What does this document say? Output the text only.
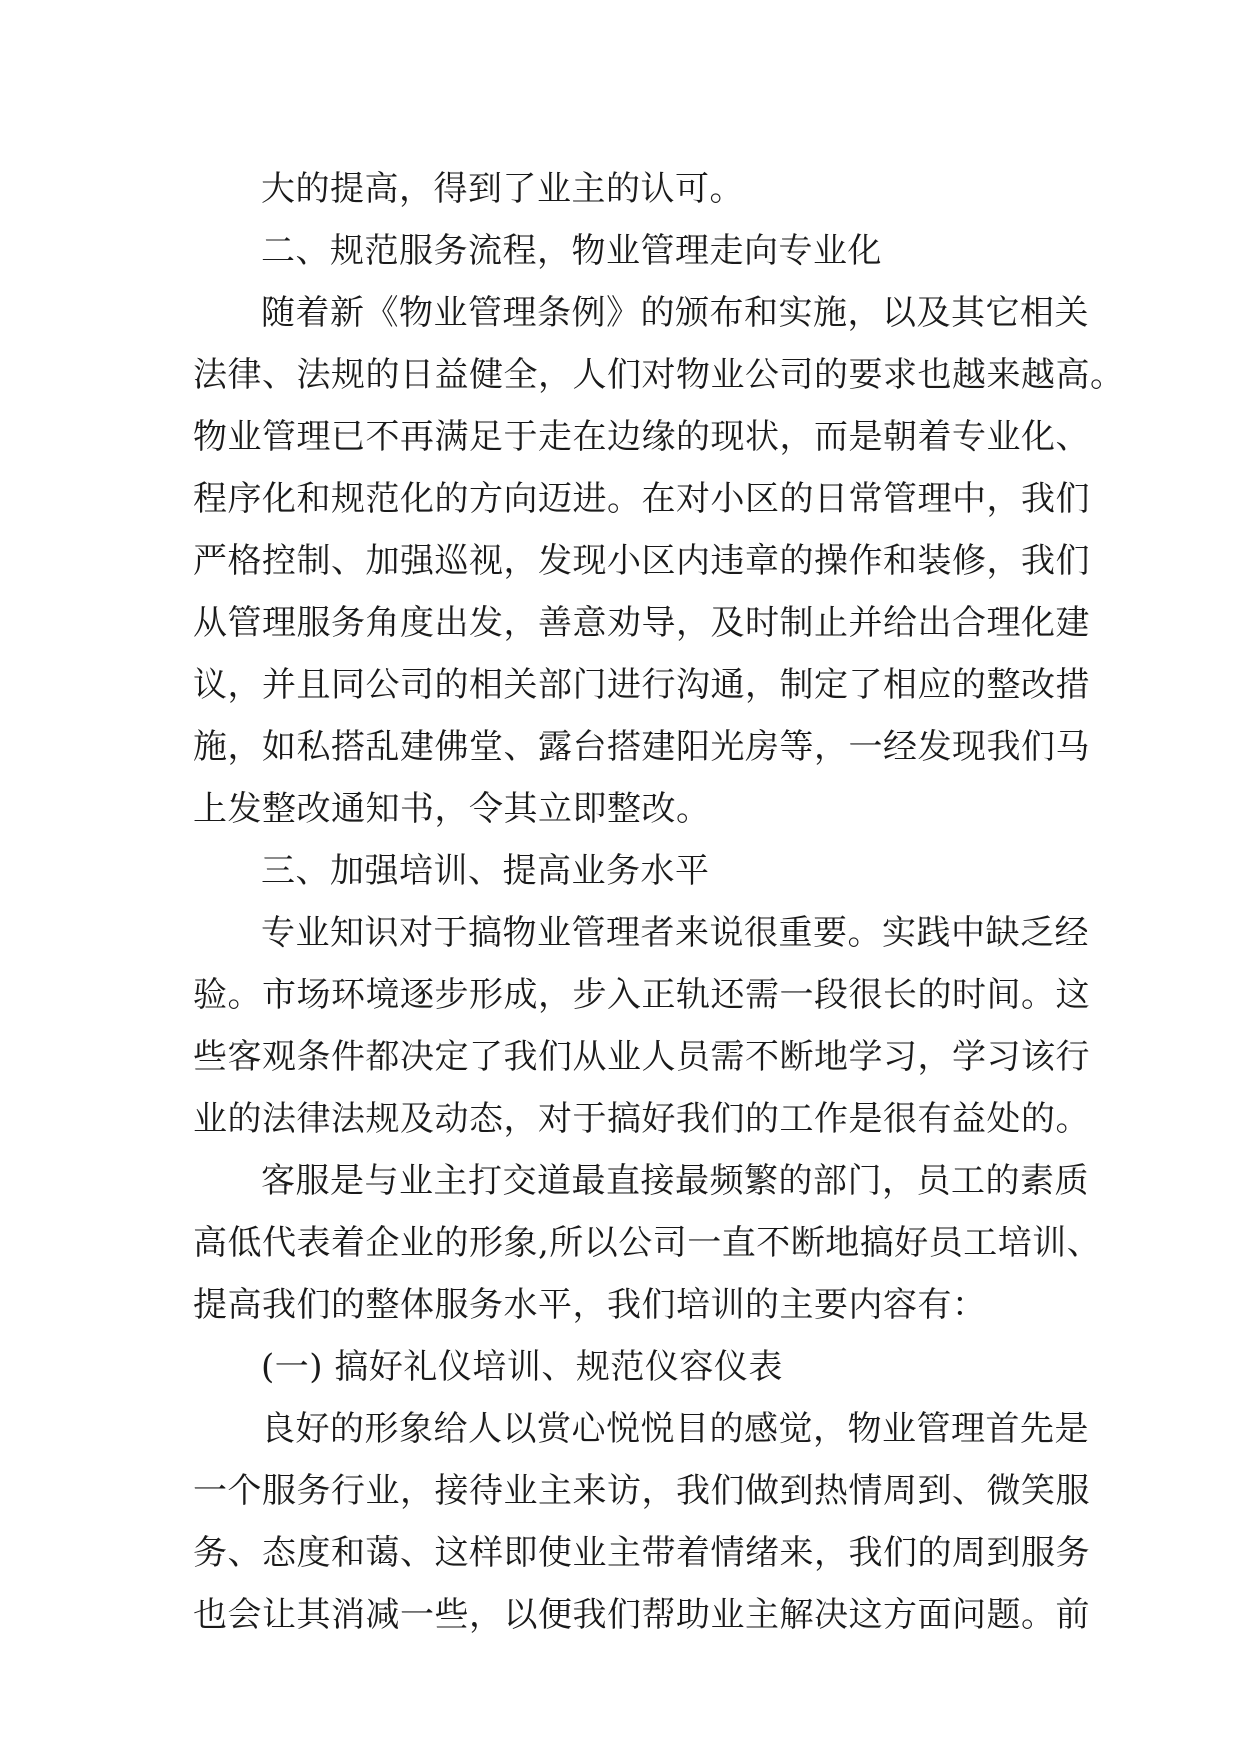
大的提高，得到了业主的认可。
二、规范服务流程，物业管理走向专业化
随着新《物业管理条例》的颁布和实施，以及其它相关
法律、法规的日益健全，人们对物业公司的要求也越来越高。
物业管理已不再满足于走在边缘的现状，而是朝着专业化、
程序化和规范化的方向迈进。在对小区的日常管理中，我们
严格控制、加强巡视，发现小区内违章的操作和装修，我们
从管理服务角度出发，善意劝导，及时制止并给出合理化建
议，并且同公司的相关部门进行沟通，制定了相应的整改措
施，如私搭乱建佛堂、露台搭建阳光房等，一经发现我们马
上发整改通知书，令其立即整改。
三、加强培训、提高业务水平
专业知识对于搞物业管理者来说很重要。实践中缺乏经
验。市场环境逐步形成，步入正轨还需一段很长的时间。这
些客观条件都决定了我们从业人员需不断地学习，学习该行
业的法律法规及动态，对于搞好我们的工作是很有益处的。
客服是与业主打交道最直接最频繁的部门，员工的素质
高低代表着企业的形象,所以公司一直不断地搞好员工培训、
提高我们的整体服务水平，我们培训的主要内容有：
(一) 搞好礼仪培训、规范仪容仪表
良好的形象给人以赏心悦悦目的感觉，物业管理首先是
一个服务行业，接待业主来访，我们做到热情周到、微笑服
务、态度和蔼、这样即使业主带着情绪来，我们的周到服务
也会让其消减一些，以便我们帮助业主解决这方面问题。前
